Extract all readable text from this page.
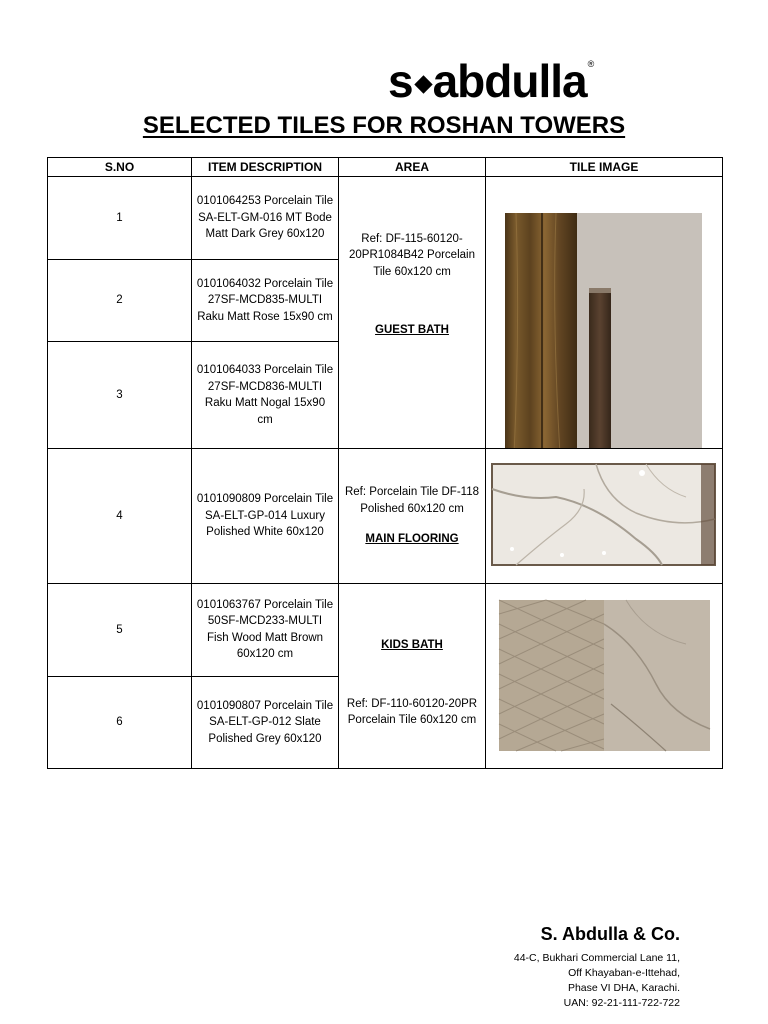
s abdulla®
SELECTED TILES FOR ROSHAN TOWERS
S.NO	ITEM DESCRIPTION	AREA	TILE IMAGE
1	0101064253 Porcelain Tile SA-ELT-GM-016 MT Bode Matt Dark Grey 60x120	Ref: DF-115-60120-20PR1084B42 Porcelain Tile 60x120 cm
GUEST BATH

2	0101064032 Porcelain Tile 27SF-MCD835-MULTI Raku Matt Rose 15x90 cm		
3	0101064033 Porcelain Tile 27SF-MCD836-MULTI Raku Matt Nogal 15x90 cm		
4	0101090809 Porcelain Tile SA-ELT-GP-014 Luxury Polished White 60x120	Ref: Porcelain Tile DF-118 Polished 60x120 cm
MAIN FLOORING

5	0101063767 Porcelain Tile 50SF-MCD233-MULTI Fish Wood Matt Brown 60x120 cm	KIDS BATH
Ref: DF-110-60120-20PR Porcelain Tile 60x120 cm

6	0101090807 Porcelain Tile SA-ELT-GP-012 Slate Polished Grey 60x120		
S. Abdulla & Co.
44-C, Bukhari Commercial Lane 11,
Off Khayaban-e-Ittehad,
Phase VI DHA, Karachi.
UAN: 92-21-111-722-722
